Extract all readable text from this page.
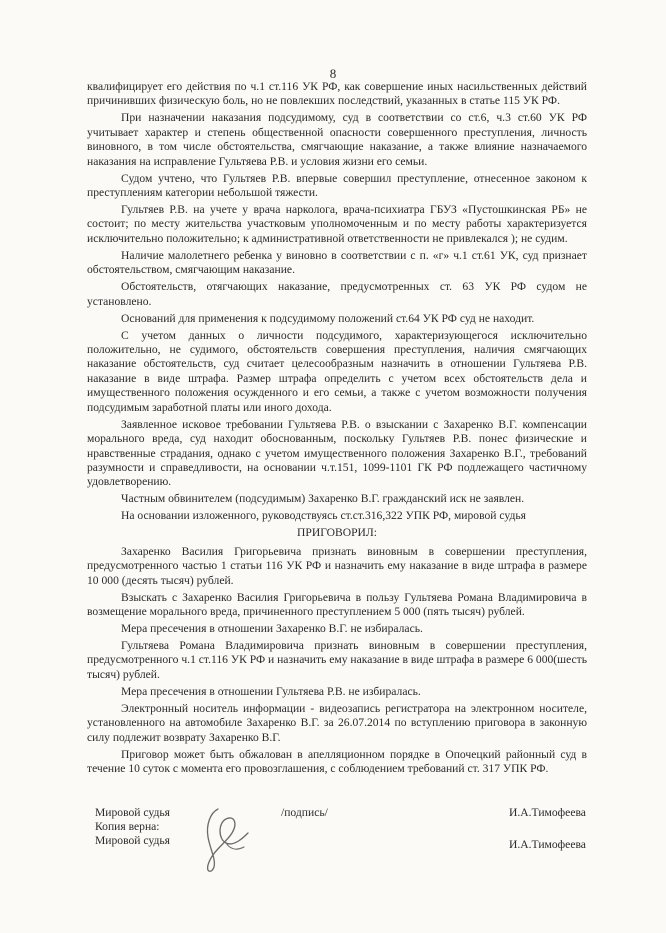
8

квалифицирует его действия по ч.1 ст.116 УК РФ, как совершение иных насильственных действий причинивших физическую боль, но не повлекших последствий, указанных в статье 115 УК РФ.

При назначении наказания подсудимому, суд в соответствии со ст.6, ч.3 ст.60 УК РФ учитывает характер и степень общественной опасности совершенного преступления, личность виновного, в том числе обстоятельства, смягчающие наказание, а также влияние назначаемого наказания на исправление Гультяева Р.В. и условия жизни его семьи.

Судом учтено, что Гультяев Р.В. впервые совершил преступление, отнесенное законом к преступлениям категории небольшой тяжести.

Гультяев Р.В. на учете у врача нарколога, врача-психиатра ГБУЗ «Пустошкинская РБ» не состоит; по месту жительства участковым уполномоченным и по месту работы характеризуется исключительно положительно; к административной ответственности не привлекался ); не судим.

Наличие малолетнего ребенка у виновно в соответствии с п. «г» ч.1 ст.61 УК, суд признает обстоятельством, смягчающим наказание.

Обстоятельств, отягчающих наказание, предусмотренных ст. 63 УК РФ судом не установлено.

Оснований для применения к подсудимому положений ст.64 УК РФ суд не находит.

С учетом данных о личности подсудимого, характеризующегося исключительно положительно, не судимого, обстоятельств совершения преступления, наличия смягчающих наказание обстоятельств, суд считает целесообразным назначить в отношении Гультяева Р.В. наказание в виде штрафа. Размер штрафа определить с учетом всех обстоятельств дела и имущественного положения осужденного и его семьи, а также с учетом возможности получения подсудимым заработной платы или иного дохода.

Заявленное исковое требовании Гультяева Р.В. о взыскании с Захаренко В.Г. компенсации морального вреда, суд находит обоснованным, поскольку Гультяев Р.В. понес физические и нравственные страдания, однако с учетом имущественного положения Захаренко В.Г., требований разумности и справедливости, на основании ч.т.151, 1099-1101 ГК РФ подлежащего частичному удовлетворению.

Частным обвинителем (подсудимым) Захаренко В.Г. гражданский иск не заявлен.

На основании изложенного, руководствуясь ст.ст.316,322 УПК РФ, мировой судья

ПРИГОВОРИЛ:

Захаренко Василия Григорьевича признать виновным в совершении преступления, предусмотренного частью 1 статьи 116 УК РФ и назначить ему наказание в виде штрафа в размере 10 000 (десять тысяч) рублей.

Взыскать с Захаренко Василия Григорьевича в пользу Гультяева Романа Владимировича в возмещение морального вреда, причиненного преступлением 5 000 (пять тысяч) рублей.

Мера пресечения в отношении Захаренко В.Г. не избиралась.

Гультяева Романа Владимировича признать виновным в совершении преступления, предусмотренного ч.1 ст.116 УК РФ и назначить ему наказание в виде штрафа в размере 6 000(шесть тысяч) рублей.

Мера пресечения в отношении Гультяева Р.В. не избиралась.

Электронный носитель информации - видеозапись регистратора на электронном носителе, установленного на автомобиле Захаренко В.Г. за 26.07.2014 по вступлению приговора в законную силу подлежит возврату Захаренко В.Г.

Приговор может быть обжалован в апелляционном порядке в Опочецкий районный суд в течение 10 суток с момента его провозглашения, с соблюдением требований ст. 317 УПК РФ.

Мировой судья	/подпись/	И.А.Тимофеева
Копия верна:
Мировой судья	И.А.Тимофеева
